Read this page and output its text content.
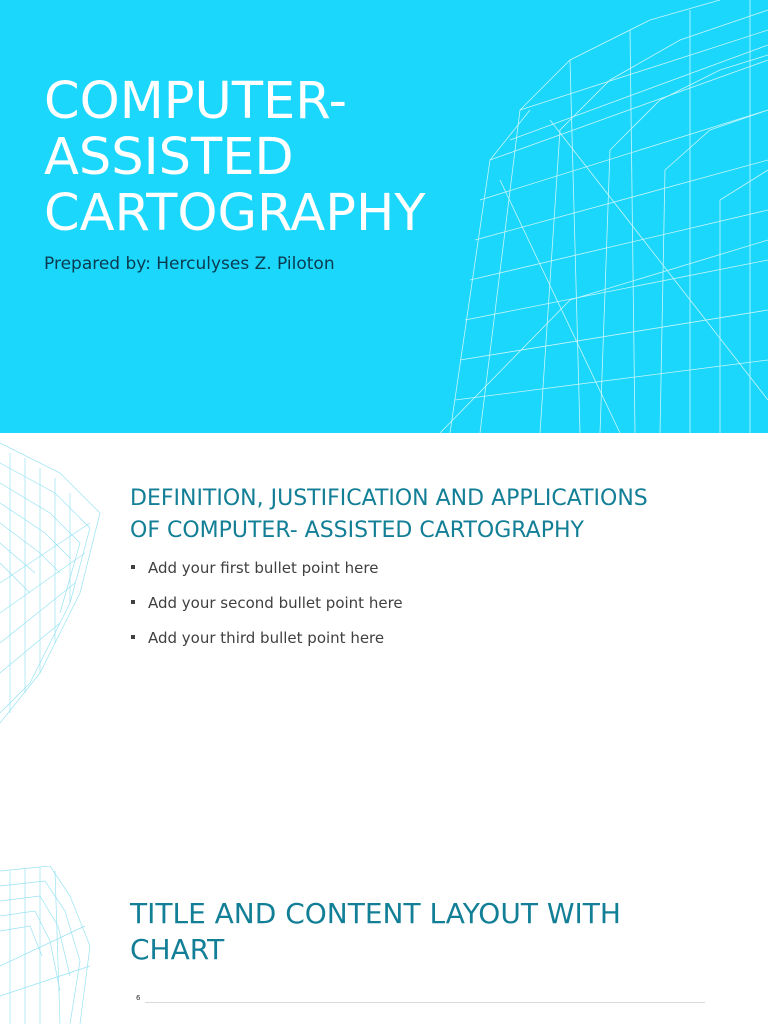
COMPUTER-
ASSISTED
CARTOGRAPHY
Prepared by: Herculyses Z. Piloton
DEFINITION, JUSTIFICATION AND APPLICATIONS
OF COMPUTER- ASSISTED CARTOGRAPHY
Add your first bullet point here
Add your second bullet point here
Add your third bullet point here
TITLE AND CONTENT LAYOUT WITH
CHART
6
